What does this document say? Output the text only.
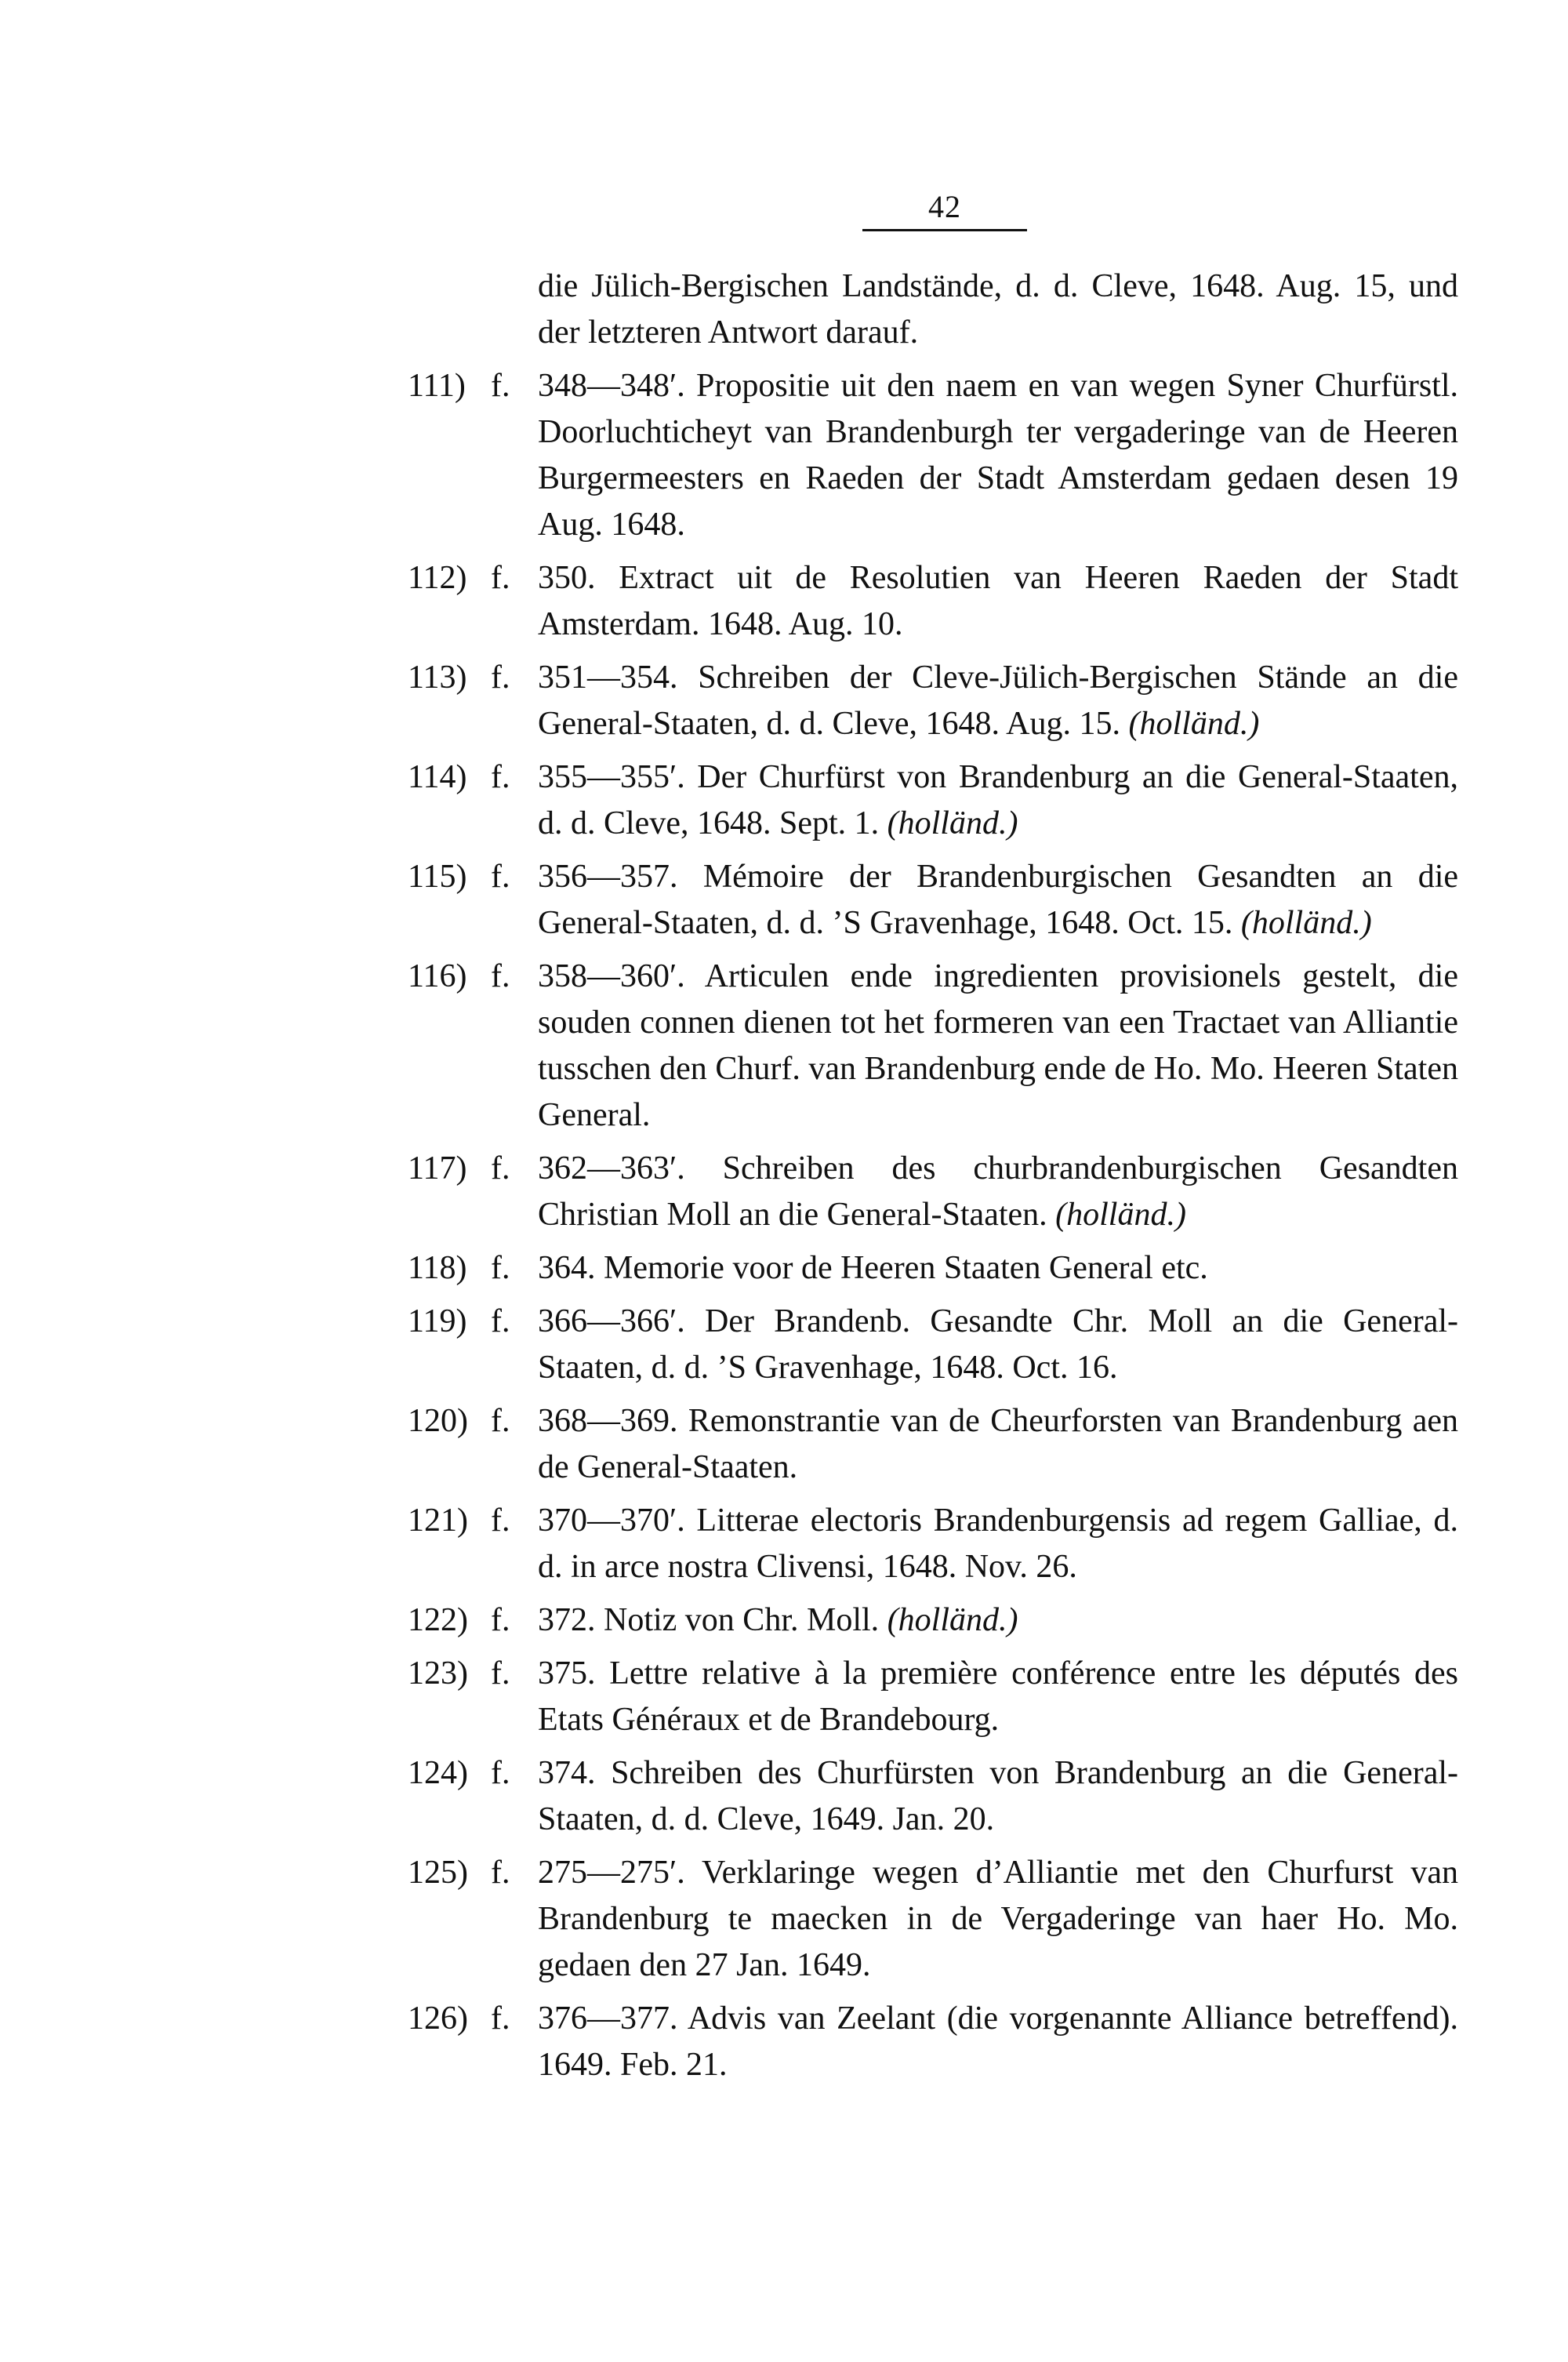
42
die Jülich-Bergischen Landstände, d. d. Cleve, 1648. Aug. 15, und der letzteren Antwort darauf.
111) f. 348—348′. Propositie uit den naem en van wegen Syner Churfürstl. Doorluchticheyt van Brandenburgh ter vergaderinge van de Heeren Burgermeesters en Raeden der Stadt Amsterdam gedaen desen 19 Aug. 1648.
112) f. 350. Extract uit de Resolutien van Heeren Raeden der Stadt Amsterdam. 1648. Aug. 10.
113) f. 351—354. Schreiben der Cleve-Jülich-Bergischen Stände an die General-Staaten, d. d. Cleve, 1648. Aug. 15. (holländ.)
114) f. 355—355′. Der Churfürst von Brandenburg an die General-Staaten, d. d. Cleve, 1648. Sept. 1. (holländ.)
115) f. 356—357. Mémoire der Brandenburgischen Gesandten an die General-Staaten, d. d. ’S Gravenhage, 1648. Oct. 15. (holländ.)
116) f. 358—360′. Articulen ende ingredienten provisionels gestelt, die souden connen dienen tot het formeren van een Tractaet van Alliantie tusschen den Churf. van Brandenburg ende de Ho. Mo. Heeren Staten General.
117) f. 362—363′. Schreiben des churbrandenburgischen Gesandten Christian Moll an die General-Staaten. (holländ.)
118) f. 364. Memorie voor de Heeren Staaten General etc.
119) f. 366—366′. Der Brandenb. Gesandte Chr. Moll an die General-Staaten, d. d. ’S Gravenhage, 1648. Oct. 16.
120) f. 368—369. Remonstrantie van de Cheurforsten van Brandenburg aen de General-Staaten.
121) f. 370—370′. Litterae electoris Brandenburgensis ad regem Galliae, d. d. in arce nostra Clivensi, 1648. Nov. 26.
122) f. 372. Notiz von Chr. Moll. (holländ.)
123) f. 375. Lettre relative à la première conférence entre les députés des Etats Généraux et de Brandebourg.
124) f. 374. Schreiben des Churfürsten von Brandenburg an die General-Staaten, d. d. Cleve, 1649. Jan. 20.
125) f. 275—275′. Verklaringe wegen d’Alliantie met den Churfurst van Brandenburg te maecken in de Vergaderinge van haer Ho. Mo. gedaen den 27 Jan. 1649.
126) f. 376—377. Advis van Zeelant (die vorgenannte Alliance betreffend). 1649. Feb. 21.
